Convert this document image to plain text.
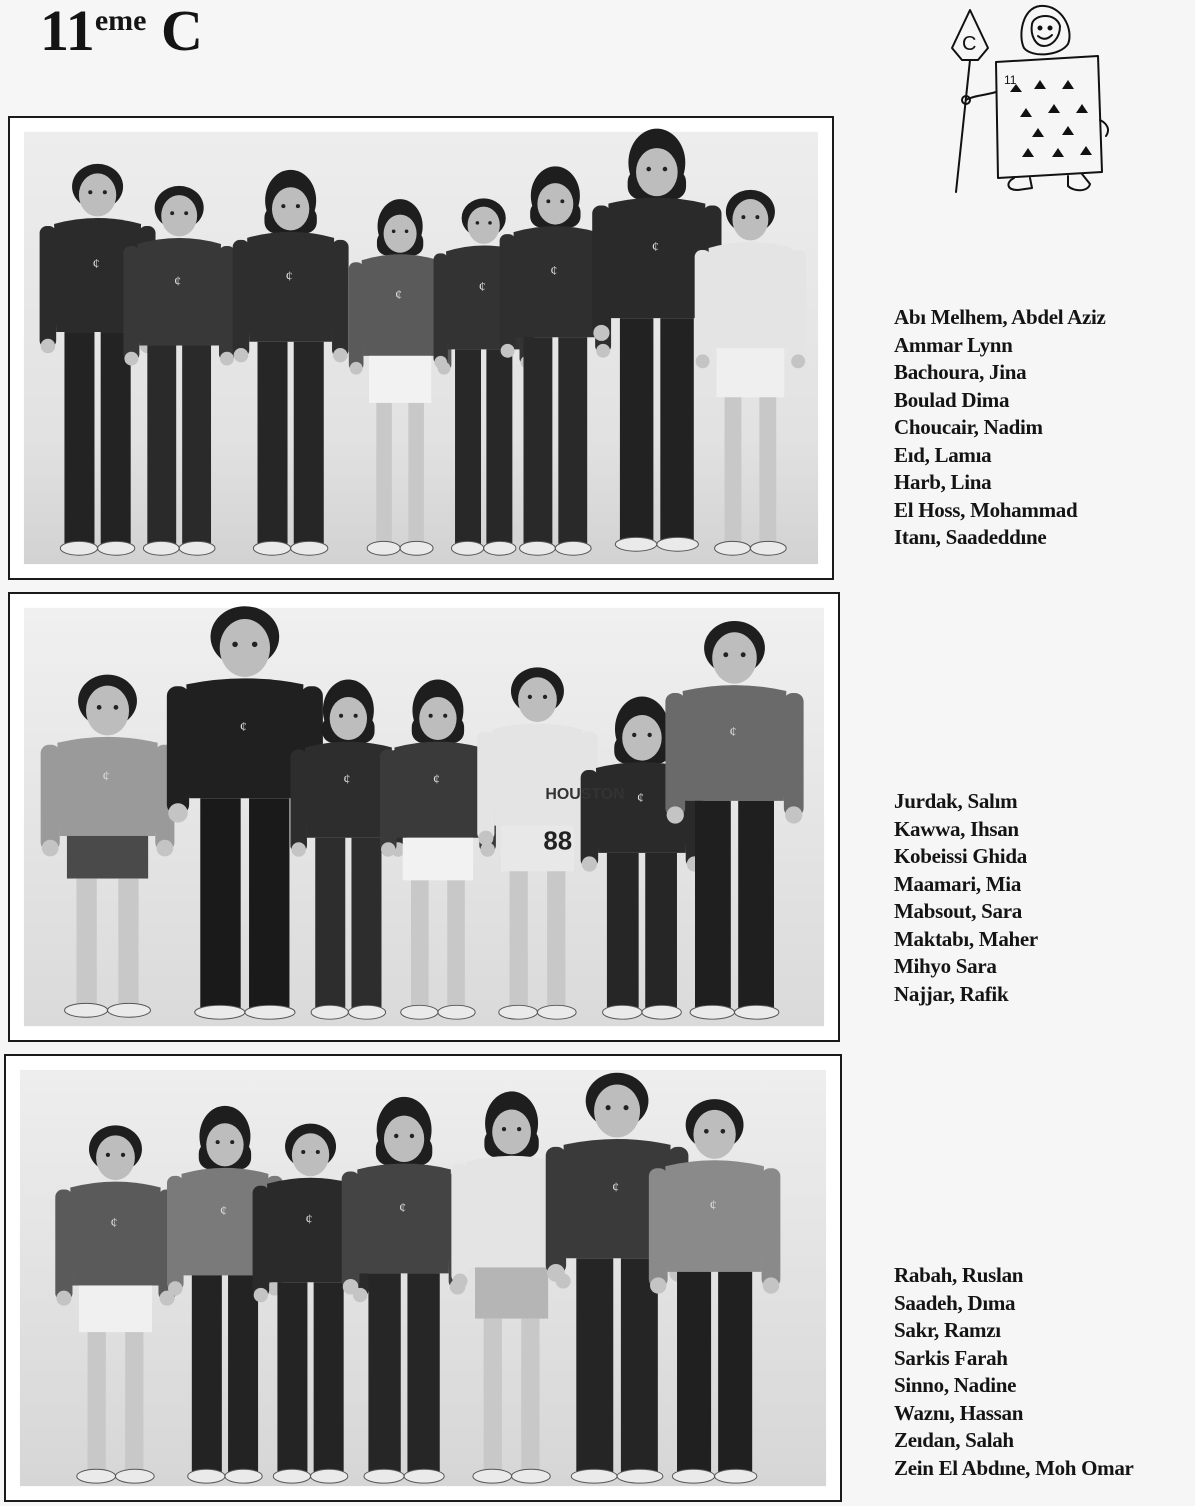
11eme C	C
11
¢
¢	¢
¢
¢
¢
¢
¢
¢
¢	¢
¢
¢
HOUSTON
88
¢
¢
¢
¢
¢
¢
Abı Melhem, Abdel Aziz
Ammar Lynn
Bachoura, Jina
Boulad Dima
Choucair, Nadim
Eıd, Lamıa
Harb, Lina
El Hoss, Mohammad
Itanı, Saadeddıne
Jurdak, Salım
Kawwa, Ihsan
Kobeissi Ghida
Maamari, Mia
Mabsout, Sara
Maktabı, Maher
Mihyo Sara
Najjar, Rafik
Rabah, Ruslan
Saadeh, Dıma
Sakr, Ramzı
Sarkis Farah
Sinno, Nadine
Waznı, Hassan
Zeıdan, Salah
Zein El Abdıne, Moh Omar
